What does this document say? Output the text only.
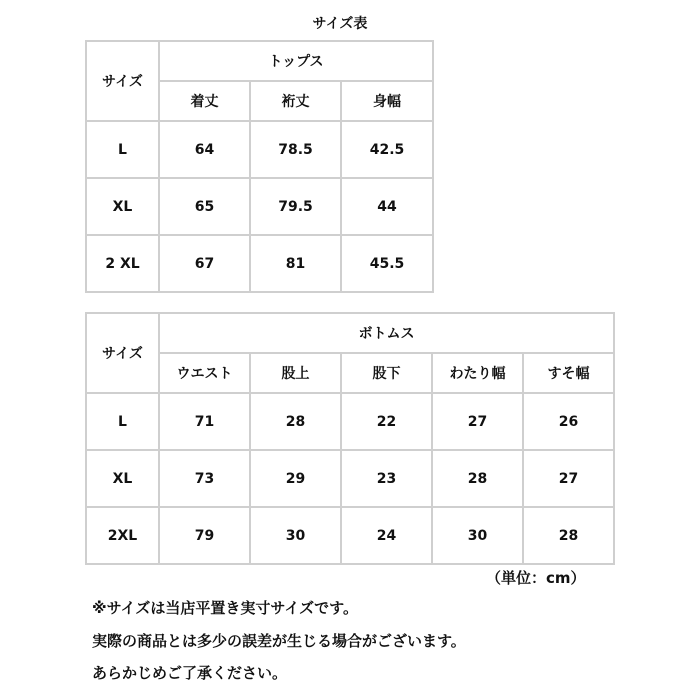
サイズ表
サイズ	トップス		
	着丈	裄丈	身幅
L	64	78.5	42.5
XL	65	79.5	44
2 XL	67	81	45.5
サイズ	ボトムス				
	ウエスト	股上	股下	わたり幅	すそ幅
L	71	28	22	27	26
XL	73	29	23	28	27
2XL	79	30	24	30	28
（単位：cm）
※サイズは当店平置き実寸サイズです。
実際の商品とは多少の誤差が生じる場合がございます。
あらかじめご了承ください。
